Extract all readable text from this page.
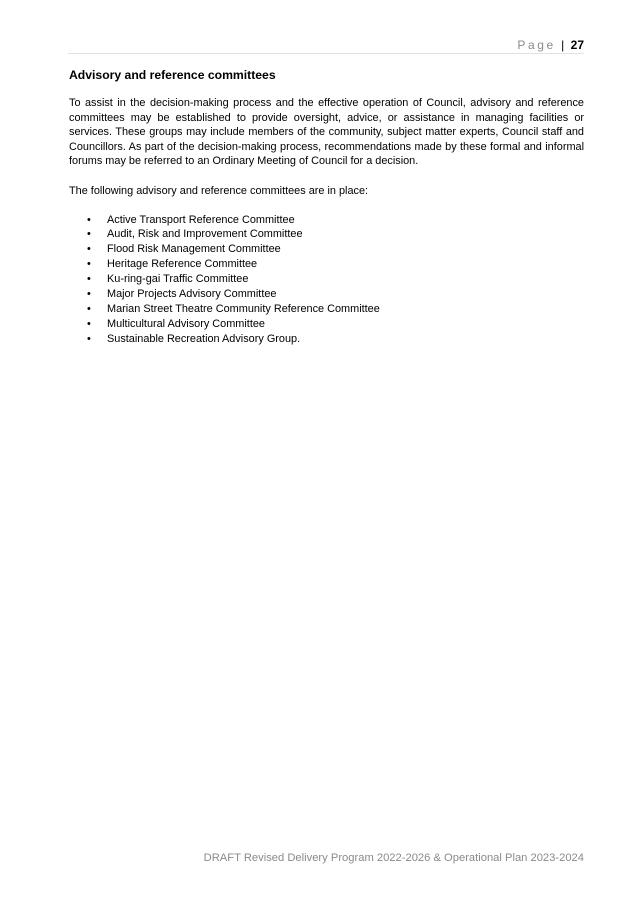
Page | 27
Advisory and reference committees

To assist in the decision-making process and the effective operation of Council, advisory and reference committees may be established to provide oversight, advice, or assistance in managing facilities or services. These groups may include members of the community, subject matter experts, Council staff and Councillors. As part of the decision-making process, recommendations made by these formal and informal forums may be referred to an Ordinary Meeting of Council for a decision.

The following advisory and reference committees are in place:

• Active Transport Reference Committee
• Audit, Risk and Improvement Committee
• Flood Risk Management Committee
• Heritage Reference Committee
• Ku-ring-gai Traffic Committee
• Major Projects Advisory Committee
• Marian Street Theatre Community Reference Committee
• Multicultural Advisory Committee
• Sustainable Recreation Advisory Group.
DRAFT Revised Delivery Program 2022-2026 & Operational Plan 2023-2024
